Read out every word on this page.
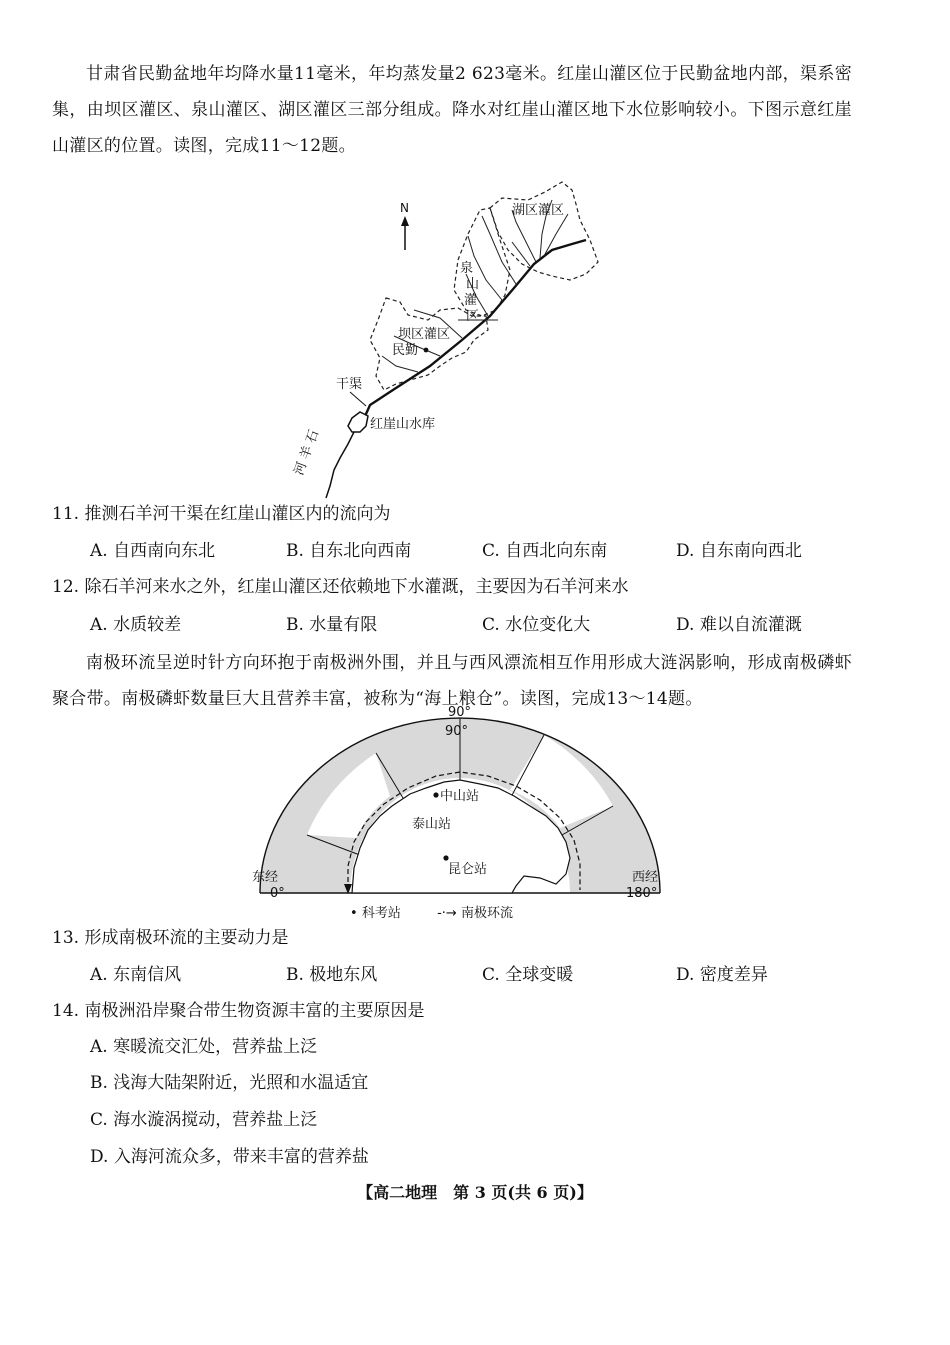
甘肃省民勤盆地年均降水量11毫米，年均蒸发量2 623毫米。红崖山灌区位于民勤盆地内部，渠系密集，由坝区灌区、泉山灌区、湖区灌区三部分组成。降水对红崖山灌区地下水位影响较小。下图示意红崖山灌区的位置。读图，完成11～12题。
N	湖区灌区
泉
山
灌
区
坝区灌区
民勤
干渠
红崖山水库
石
羊
河
11. 推测石羊河干渠在红崖山灌区内的流向为
A. 自西南向东北	B. 自东北向西南	C. 自西北向东南	D. 自东南向西北
12. 除石羊河来水之外，红崖山灌区还依赖地下水灌溉，主要因为石羊河来水
A. 水质较差	B. 水量有限	C. 水位变化大	D. 难以自流灌溉
南极环流呈逆时针方向环抱于南极洲外围，并且与西风漂流相互作用形成大涟涡影响，形成南极磷虾聚合带。南极磷虾数量巨大且营养丰富，被称为“海上粮仓”。读图，完成13～14题。
中山站
泰山站
昆仑站
90°
90°
东经
0°
西经
180°
• 科考站	-·→ 南极环流
13. 形成南极环流的主要动力是
A. 东南信风	B. 极地东风	C. 全球变暖	D. 密度差异
14. 南极洲沿岸聚合带生物资源丰富的主要原因是
A. 寒暖流交汇处，营养盐上泛
B. 浅海大陆架附近，光照和水温适宜
C. 海水漩涡搅动，营养盐上泛
D. 入海河流众多，带来丰富的营养盐
【高二地理　第 3 页(共 6 页)】
